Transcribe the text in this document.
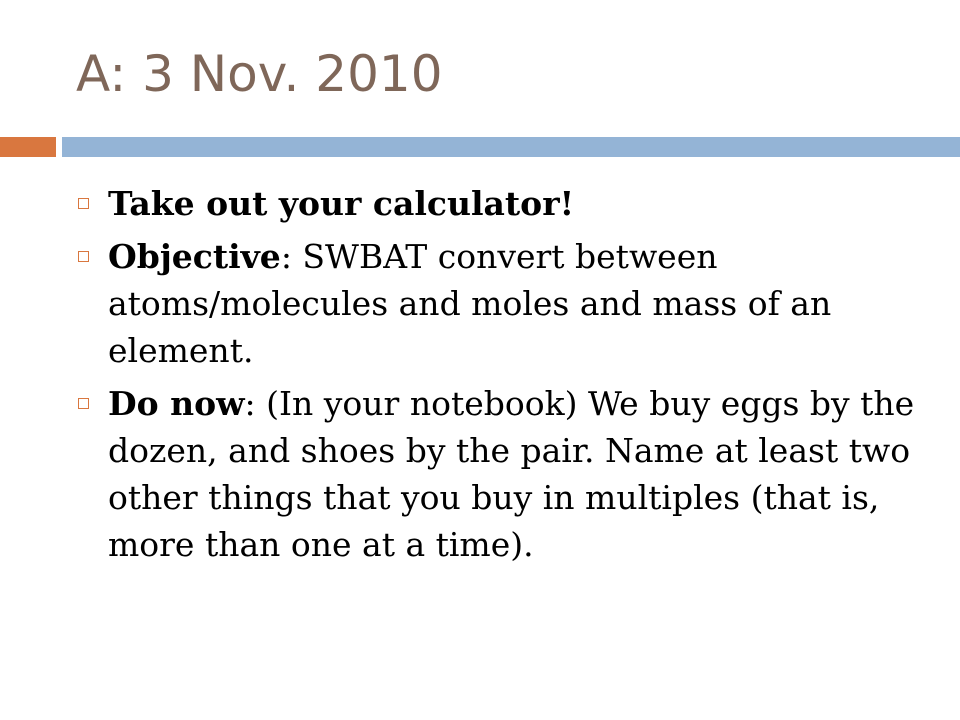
A: 3 Nov. 2010
Take out your calculator!
Objective: SWBAT convert between atoms/molecules and moles and mass of an element.
Do now: (In your notebook) We buy eggs by the dozen, and shoes by the pair. Name at least two other things that you buy in multiples (that is, more than one at a time).
